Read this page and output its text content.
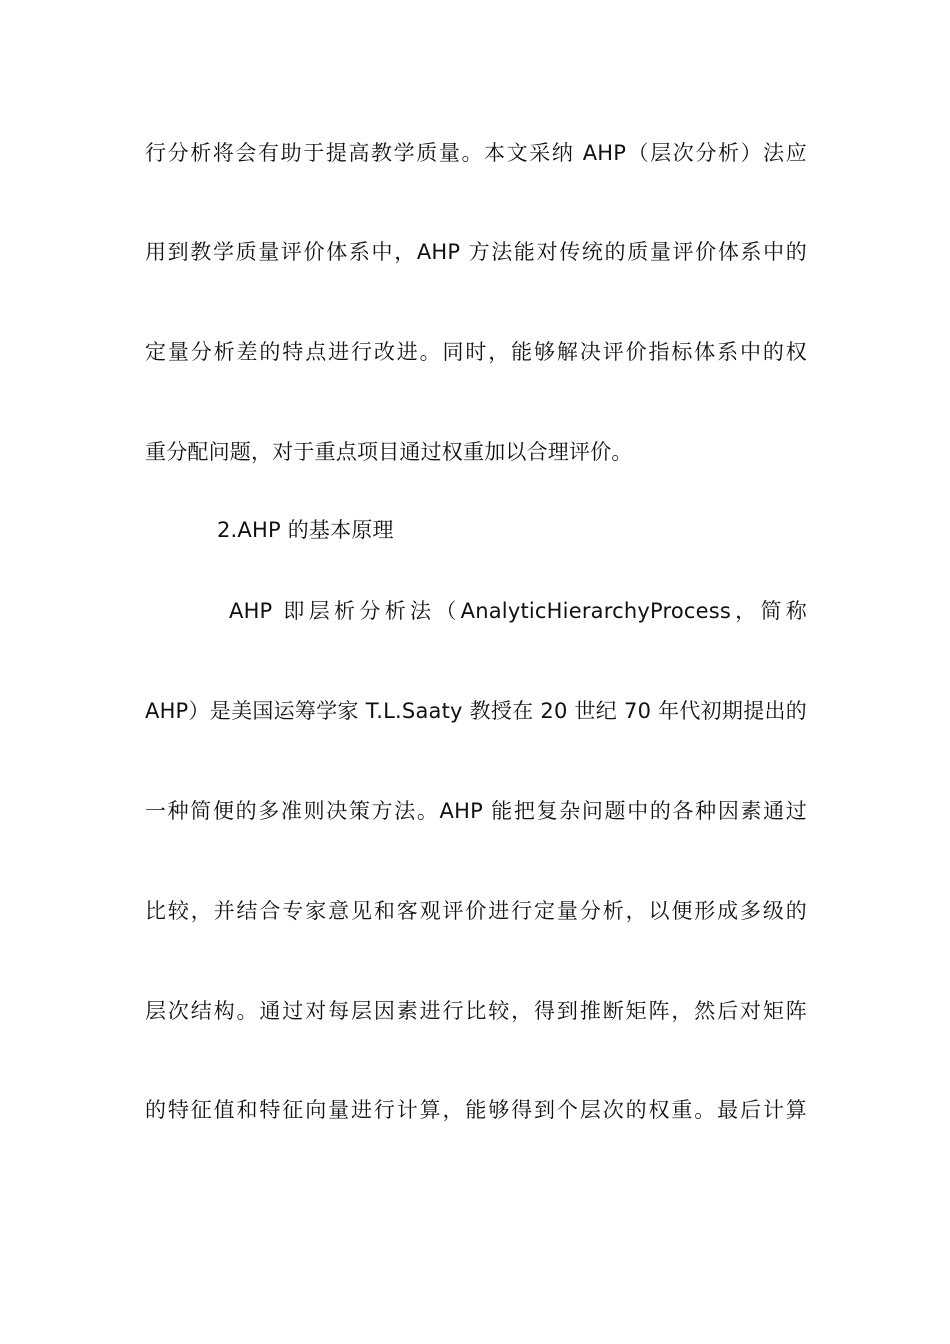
行分析将会有助于提高教学质量。本文采纳 AHP（层次分析）法应
用到教学质量评价体系中，AHP 方法能对传统的质量评价体系中的
定量分析差的特点进行改进。同时，能够解决评价指标体系中的权
重分配问题，对于重点项目通过权重加以合理评价。
2.AHP 的基本原理
AHP 即层析分析法（AnalyticHierarchyProcess，简称
AHP）是美国运筹学家 T.L.Saaty 教授在 20 世纪 70 年代初期提出的
一种简便的多准则决策方法。AHP 能把复杂问题中的各种因素通过
比较，并结合专家意见和客观评价进行定量分析，以便形成多级的
层次结构。通过对每层因素进行比较，得到推断矩阵，然后对矩阵
的特征值和特征向量进行计算，能够得到个层次的权重。最后计算
